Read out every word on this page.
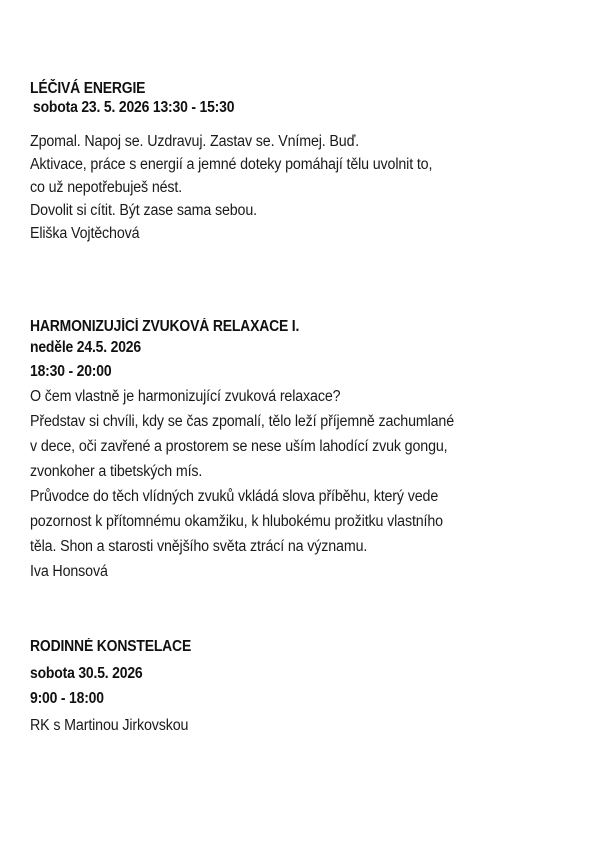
LÉČIVÁ ENERGIE
sobota 23. 5. 2026 13:30 - 15:30
Zpomal. Napoj se. Uzdravuj. Zastav se. Vnímej. Buď.
Aktivace, práce s energií a jemné doteky pomáhají tělu uvolnit to,
co už nepotřebuješ nést.
Dovolit si cítit. Být zase sama sebou.
Eliška Vojtěchová
HARMONIZUJÍCÍ ZVUKOVÁ RELAXACE I.
neděle 24.5. 2026
18:30 - 20:00
O čem vlastně je harmonizující zvuková relaxace?
Představ si chvíli, kdy se čas zpomalí, tělo leží příjemně zachumlané
v dece, oči zavřené a prostorem se nese uším lahodící zvuk gongu,
zvonkoher a tibetských mís.
Průvodce do těch vlídných zvuků vkládá slova příběhu, který vede
pozornost k přítomnému okamžiku, k hlubokému prožitku vlastního
těla. Shon a starosti vnějšího světa ztrácí na významu.
Iva Honsová
RODINNÉ KONSTELACE
sobota 30.5. 2026
9:00 - 18:00
RK s Martinou Jirkovskou
